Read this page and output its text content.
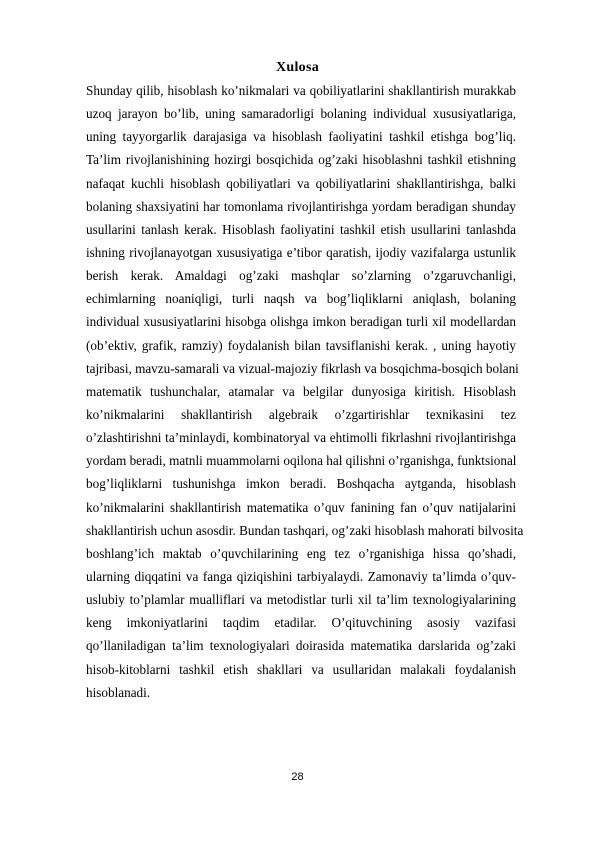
Xulosa
Shunday qilib, hisoblash ko’nikmalari va qobiliyatlarini shakllantirish murakkab
uzoq jarayon bo’lib, uning samaradorligi bolaning individual xususiyatlariga,
uning tayyorgarlik darajasiga va hisoblash faoliyatini tashkil etishga bog’liq.
Ta’lim rivojlanishining hozirgi bosqichida og’zaki hisoblashni tashkil etishning
nafaqat kuchli hisoblash qobiliyatlari va qobiliyatlarini shakllantirishga, balki
bolaning shaxsiyatini har tomonlama rivojlantirishga yordam beradigan shunday
usullarini tanlash kerak. Hisoblash faoliyatini tashkil etish usullarini tanlashda
ishning rivojlanayotgan xususiyatiga e’tibor qaratish, ijodiy vazifalarga ustunlik
berish kerak. Amaldagi og’zaki mashqlar so’zlarning o’zgaruvchanligi,
echimlarning noaniqligi, turli naqsh va bog’liqliklarni aniqlash, bolaning
individual xususiyatlarini hisobga olishga imkon beradigan turli xil modellardan
(ob’ektiv, grafik, ramziy) foydalanish bilan tavsiflanishi kerak. , uning hayotiy
tajribasi, mavzu-samarali va vizual-majoziy fikrlash va bosqichma-bosqich bolani
matematik tushunchalar, atamalar va belgilar dunyosiga kiritish. Hisoblash
ko’nikmalarini shakllantirish algebraik o’zgartirishlar texnikasini tez
o’zlashtirishni ta’minlaydi, kombinatoryal va ehtimolli fikrlashni rivojlantirishga
yordam beradi, matnli muammolarni oqilona hal qilishni o’rganishga, funktsional
bog’liqliklarni tushunishga imkon beradi. Boshqacha aytganda, hisoblash
ko’nikmalarini shakllantirish matematika o’quv fanining fan o’quv natijalarini
shakllantirish uchun asosdir. Bundan tashqari, og’zaki hisoblash mahorati bilvosita
boshlang’ich maktab o’quvchilarining eng tez o’rganishiga hissa qo’shadi,
ularning diqqatini va fanga qiziqishini tarbiyalaydi. Zamonaviy ta’limda o’quv-
uslubiy to’plamlar mualliflari va metodistlar turli xil ta’lim texnologiyalarining
keng imkoniyatlarini taqdim etadilar. O’qituvchining asosiy vazifasi
qo’llaniladigan ta’lim texnologiyalari doirasida matematika darslarida og’zaki
hisob-kitoblarni tashkil etish shakllari va usullaridan malakali foydalanish
hisoblanadi.
28
